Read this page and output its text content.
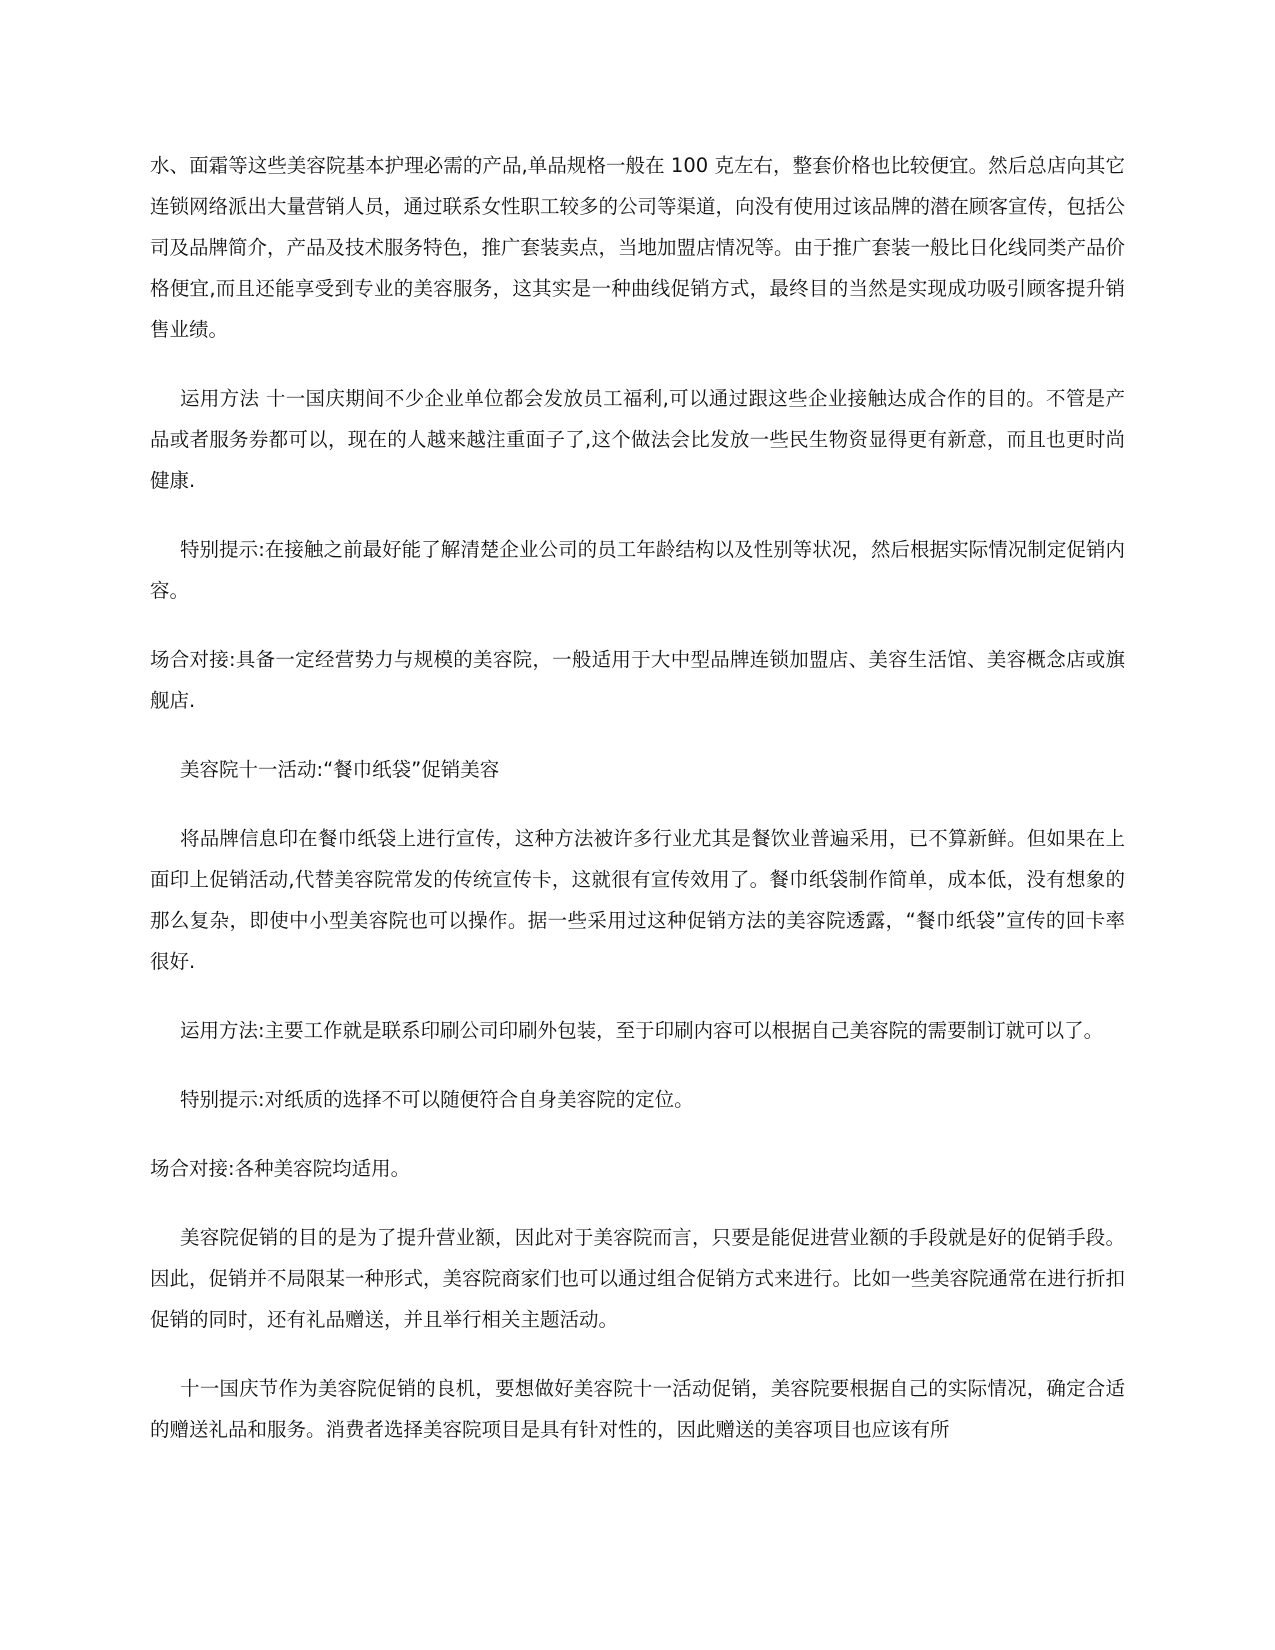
水、面霜等这些美容院基本护理必需的产品,单品规格一般在 100 克左右，整套价格也比较便宜。然后总店向其它连锁网络派出大量营销人员，通过联系女性职工较多的公司等渠道，向没有使用过该品牌的潜在顾客宣传，包括公司及品牌简介，产品及技术服务特色，推广套装卖点，当地加盟店情况等。由于推广套装一般比日化线同类产品价格便宜,而且还能享受到专业的美容服务，这其实是一种曲线促销方式，最终目的当然是实现成功吸引顾客提升销售业绩。

运用方法 十一国庆期间不少企业单位都会发放员工福利,可以通过跟这些企业接触达成合作的目的。不管是产品或者服务券都可以，现在的人越来越注重面子了,这个做法会比发放一些民生物资显得更有新意，而且也更时尚健康.

特别提示:在接触之前最好能了解清楚企业公司的员工年龄结构以及性别等状况，然后根据实际情况制定促销内容。

场合对接:具备一定经营势力与规模的美容院，一般适用于大中型品牌连锁加盟店、美容生活馆、美容概念店或旗舰店.

美容院十一活动:“餐巾纸袋”促销美容

将品牌信息印在餐巾纸袋上进行宣传，这种方法被许多行业尤其是餐饮业普遍采用，已不算新鲜。但如果在上面印上促销活动,代替美容院常发的传统宣传卡，这就很有宣传效用了。餐巾纸袋制作简单，成本低，没有想象的那么复杂，即使中小型美容院也可以操作。据一些采用过这种促销方法的美容院透露，“餐巾纸袋”宣传的回卡率很好.

运用方法:主要工作就是联系印刷公司印刷外包装，至于印刷内容可以根据自己美容院的需要制订就可以了。

特别提示:对纸质的选择不可以随便符合自身美容院的定位。

场合对接:各种美容院均适用。

美容院促销的目的是为了提升营业额，因此对于美容院而言，只要是能促进营业额的手段就是好的促销手段。因此，促销并不局限某一种形式，美容院商家们也可以通过组合促销方式来进行。比如一些美容院通常在进行折扣促销的同时，还有礼品赠送，并且举行相关主题活动。

十一国庆节作为美容院促销的良机，要想做好美容院十一活动促销，美容院要根据自己的实际情况，确定合适的赠送礼品和服务。消费者选择美容院项目是具有针对性的，因此赠送的美容项目也应该有所
